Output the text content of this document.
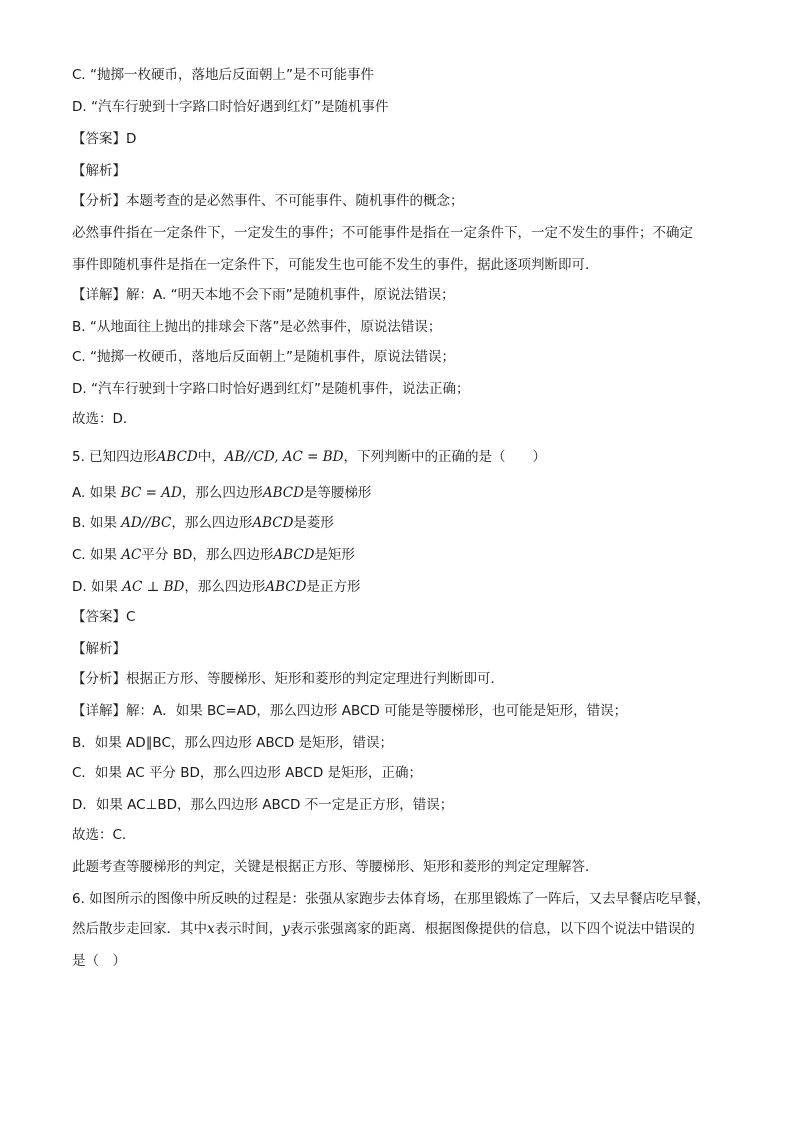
C. “抛掷一枚硬币，落地后反面朝上”是不可能事件
D. “汽车行驶到十字路口时恰好遇到红灯”是随机事件
【答案】D
【解析】
【分析】本题考查的是必然事件、不可能事件、随机事件的概念；
必然事件指在一定条件下，一定发生的事件；不可能事件是指在一定条件下，一定不发生的事件；不确定
事件即随机事件是指在一定条件下，可能发生也可能不发生的事件，据此逐项判断即可．
【详解】解：A. “明天本地不会下雨”是随机事件，原说法错误；
B. “从地面往上抛出的排球会下落”是必然事件，原说法错误；
C. “抛掷一枚硬币，落地后反面朝上”是随机事件，原说法错误；
D. “汽车行驶到十字路口时恰好遇到红灯”是随机事件，说法正确；
故选：D．
5. 已知四边形ABCD中，AB//CD, AC = BD，下列判断中的正确的是（　　）
A. 如果 BC = AD，那么四边形ABCD是等腰梯形
B. 如果 AD//BC，那么四边形ABCD是菱形
C. 如果 AC平分 BD，那么四边形ABCD是矩形
D. 如果 AC ⊥ BD，那么四边形ABCD是正方形
【答案】C
【解析】
【分析】根据正方形、等腰梯形、矩形和菱形的判定定理进行判断即可．
【详解】解：A．如果 BC=AD，那么四边形 ABCD 可能是等腰梯形，也可能是矩形，错误；
B．如果 AD∥BC，那么四边形 ABCD 是矩形，错误；
C．如果 AC 平分 BD，那么四边形 ABCD 是矩形，正确；
D．如果 AC⊥BD，那么四边形 ABCD 不一定是正方形，错误；
故选：C．
此题考查等腰梯形的判定，关键是根据正方形、等腰梯形、矩形和菱形的判定定理解答．
6. 如图所示的图像中所反映的过程是：张强从家跑步去体育场，在那里锻炼了一阵后，又去早餐店吃早餐，
然后散步走回家．其中x表示时间，y表示张强离家的距离．根据图像提供的信息，以下四个说法中错误的
是（　）
